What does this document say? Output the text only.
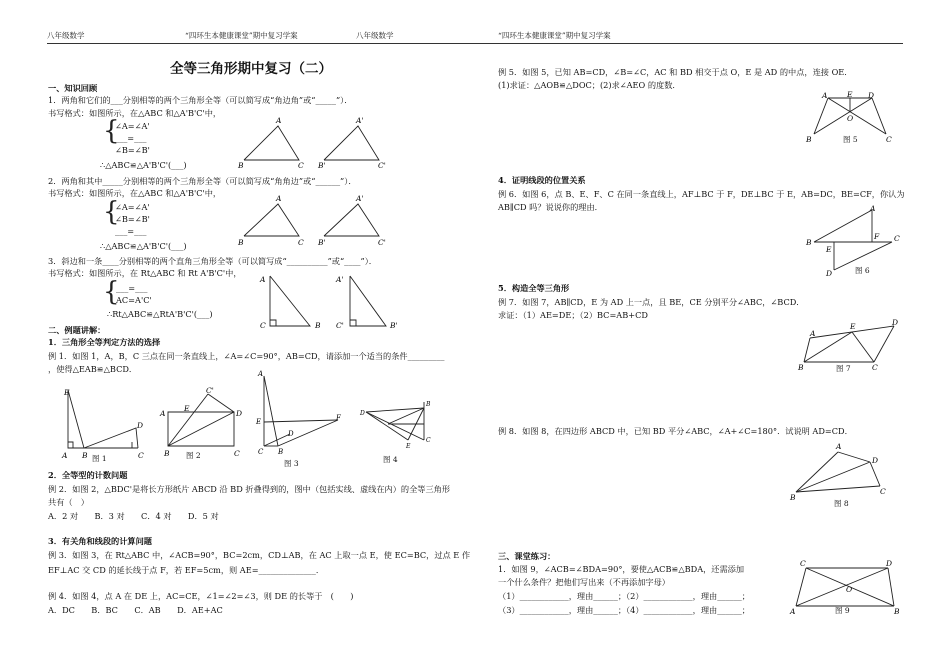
八年级数学	“四环生本健康课堂”期中复习学案	八年级数学	“四环生本健康课堂”期中复习学案
全等三角形期中复习（二）
一、知识回顾
1．两角和它们的___分别相等的两个三角形全等（可以简写成“角边角”或“_____”）．
书写格式：如图所示，在△ABC 和△A'B'C'中，
{
∠A=∠A'
___=___
∠B=∠B'
∴△ABC≌△A'B'C'(___)
A
B	C
A'
B'	C'
2．两角和其中_____分别相等的两个三角形全等（可以简写成“角角边”或“______”）．
书写格式：如图所示，在△ABC 和△A'B'C'中，
{
∠A=∠A'
∠B=∠B'
___=___
∴△ABC≌△A'B'C'(___)
A
B	C
A'
B'	C'
3．斜边和一条____分别相等的两个直角三角形全等（可以简写成“__________”或“____”）．
书写格式：如图所示，在 Rt△ABC 和 Rt A'B'C'中，
{
___=___
AC=A'C'
∴Rt△ABC≌△RtA'B'C'(___)
A
C	B
A'
C'	B'
二、例题讲解：
1．三角形全等判定方法的选择
例 1．如图 1，A，B，C 三点在同一条直线上，∠A=∠C=90°，AB=CD，请添加一个适当的条件_________
，使得△EAB≌△BCD．
E
A B	C
D
图 1
A	D
B	C
C'
E
图 2
A
E	F
D
C B
图 3
D
B
C
E
图 4
2．全等型的计数问题
例 2．如图 2，△BDC'是将长方形纸片 ABCD 沿 BD 折叠得到的，图中（包括实线、虚线在内）的全等三角形
共有（　）
A．2 对　　B．3 对　　C．4 对　　D．5 对
3．有关角和线段的计算问题
例 3．如图 3，在 Rt△ABC 中，∠ACB=90°，BC=2cm，CD⊥AB，在 AC 上取一点 E，使 EC=BC，过点 E 作
EF⊥AC 交 CD 的延长线于点 F，若 EF=5cm，则 AE=______________．
例 4．如图 4，点 A 在 DE 上，AC=CE，∠1=∠2=∠3，则 DE 的长等于　(　　)
A．DC　　B．BC　　C．AB　　D．AE+AC
例 5．如图 5，已知 AB=CD，∠B=∠C，AC 和 BD 相交于点 O，E 是 AD 的中点，连接 OE．
(1)求证：△AOB≌△DOC；(2)求∠AEO 的度数．
A	E D
O
B	C
图 5
4．证明线段的位置关系
例 6．如图 6，点 B、E、F、C 在同一条直线上，AF⊥BC 于 F，DE⊥BC 于 E，AB=DC，BE=CF，你认为
AB∥CD 吗？说说你的理由．	A
B
E
F C
D	图 6
5．构造全等三角形
例 7．如图 7，AB∥CD，E 为 AD 上一点，且 BE，CE 分别平分∠ABC，∠BCD．
求证：（1）AE=DE；（2）BC=AB+CD
A
E	D
B	C
图 7
例 8．如图 8，在四边形 ABCD 中，已知 BD 平分∠ABC，∠A+∠C=180°．试说明 AD=CD．
A
D
C
B
图 8
三、课堂练习：
1．如图 9，∠ACB=∠BDA=90°，要使△ACB≌△BDA，还需添加
一个什么条件？把他们写出来（不再添加字母）
（1）____________，理由______；（2）____________，理由______；
（3）____________，理由______；（4）____________，理由______；
C	D
O
A	B
图 9
